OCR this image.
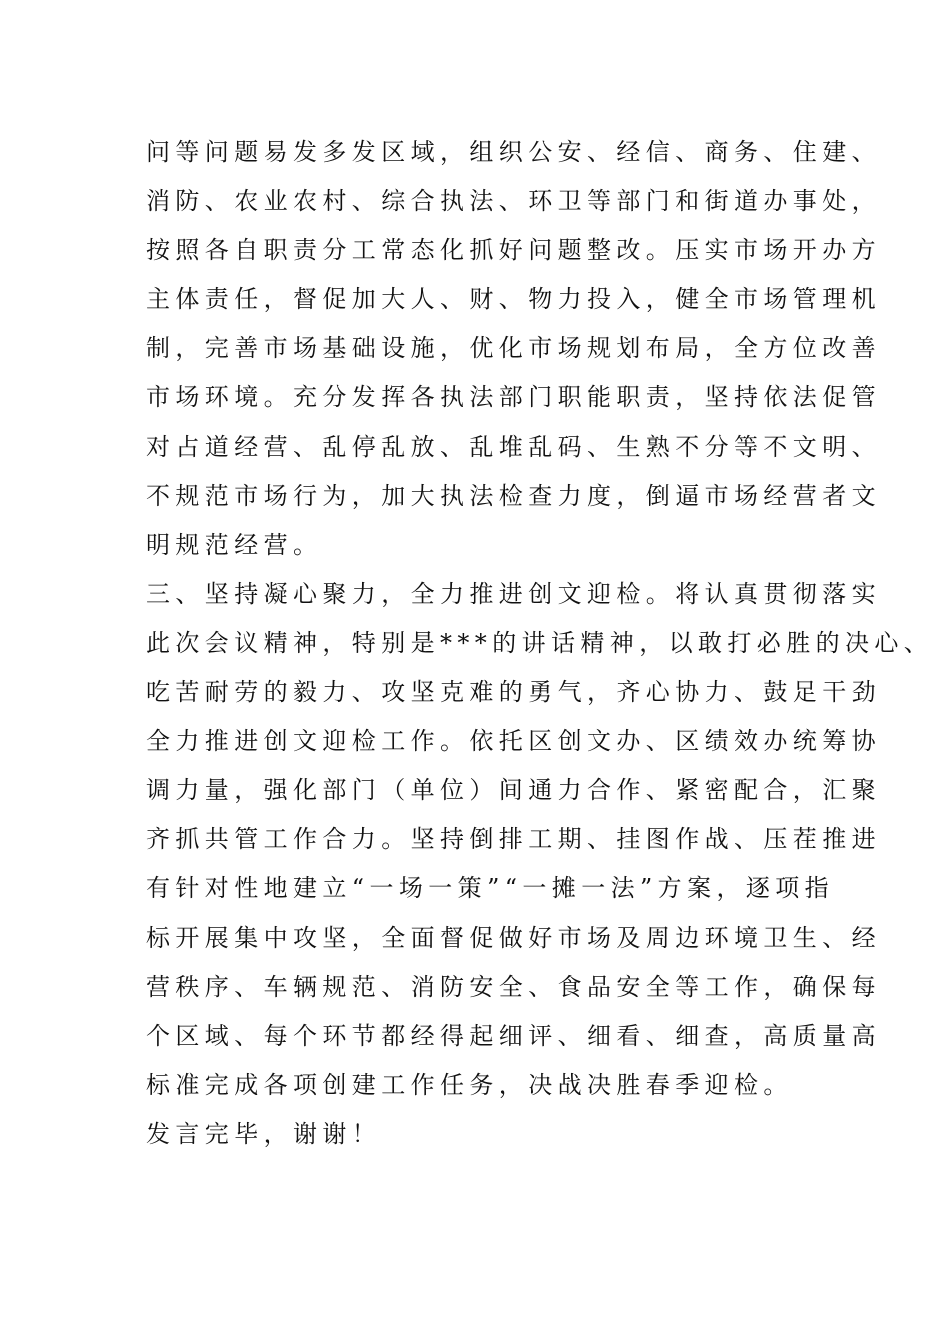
问等问题易发多发区域，组织公安、经信、商务、住建、
消防、农业农村、综合执法、环卫等部门和街道办事处，
按照各自职责分工常态化抓好问题整改。压实市场开办方
主体责任，督促加大人、财、物力投入，健全市场管理机
制，完善市场基础设施，优化市场规划布局，全方位改善
市场环境。充分发挥各执法部门职能职责，坚持依法促管
对占道经营、乱停乱放、乱堆乱码、生熟不分等不文明、
不规范市场行为，加大执法检查力度，倒逼市场经营者文
明规范经营。
三、坚持凝心聚力，全力推进创文迎检。将认真贯彻落实
此次会议精神，特别是***的讲话精神，以敢打必胜的决心、
吃苦耐劳的毅力、攻坚克难的勇气，齐心协力、鼓足干劲
全力推进创文迎检工作。依托区创文办、区绩效办统筹协
调力量，强化部门（单位）间通力合作、紧密配合，汇聚
齐抓共管工作合力。坚持倒排工期、挂图作战、压茬推进
有针对性地建立“一场一策”“一摊一法”方案，逐项指
标开展集中攻坚，全面督促做好市场及周边环境卫生、经
营秩序、车辆规范、消防安全、食品安全等工作，确保每
个区域、每个环节都经得起细评、细看、细查，高质量高
标准完成各项创建工作任务，决战决胜春季迎检。
发言完毕，谢谢！
